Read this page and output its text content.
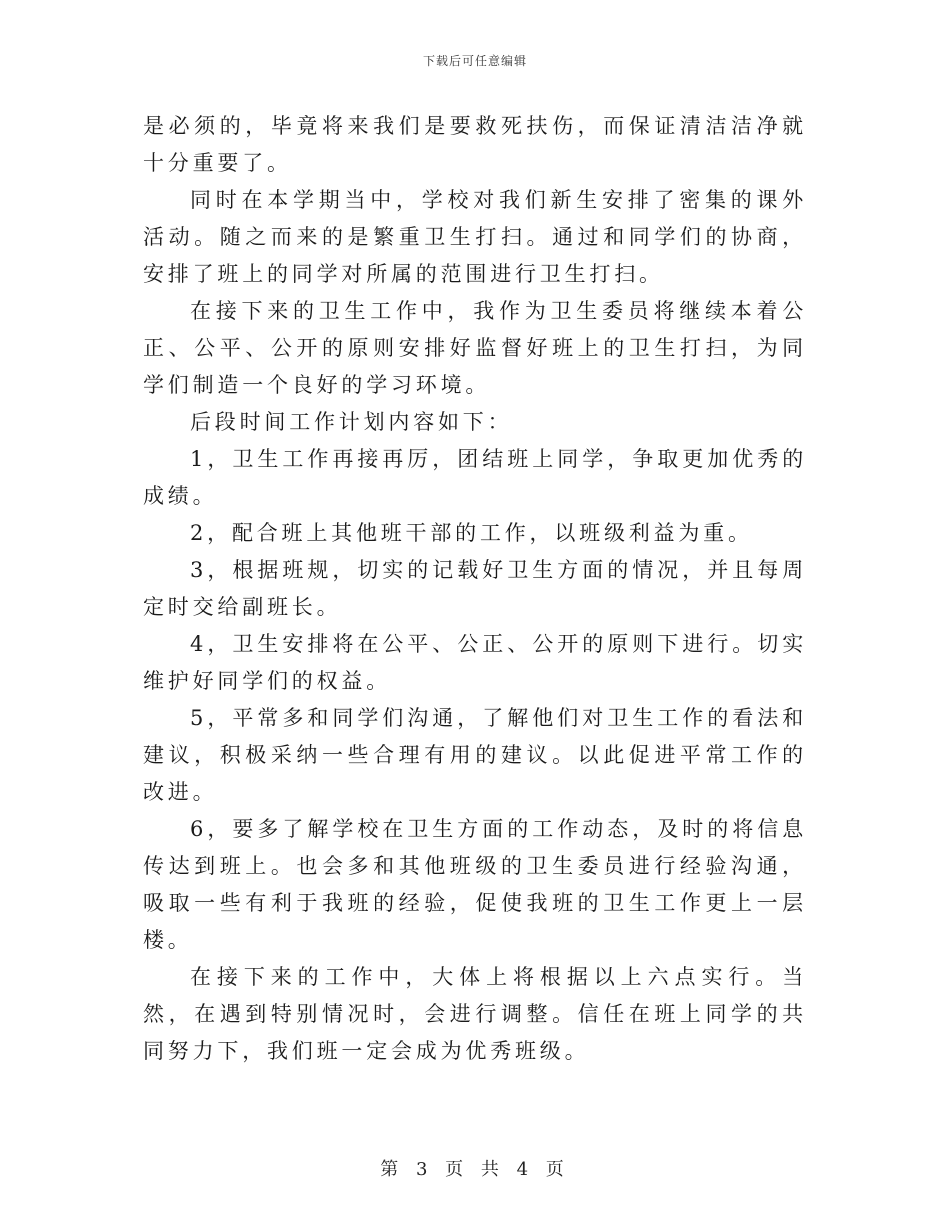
下载后可任意编辑

是必须的，毕竟将来我们是要救死扶伤，而保证清洁洁净就十分重要了。

同时在本学期当中，学校对我们新生安排了密集的课外活动。随之而来的是繁重卫生打扫。通过和同学们的协商，安排了班上的同学对所属的范围进行卫生打扫。

在接下来的卫生工作中，我作为卫生委员将继续本着公正、公平、公开的原则安排好监督好班上的卫生打扫，为同学们制造一个良好的学习环境。

后段时间工作计划内容如下：

1，卫生工作再接再厉，团结班上同学，争取更加优秀的成绩。

2，配合班上其他班干部的工作，以班级利益为重。

3，根据班规，切实的记载好卫生方面的情况，并且每周定时交给副班长。

4，卫生安排将在公平、公正、公开的原则下进行。切实维护好同学们的权益。

5，平常多和同学们沟通，了解他们对卫生工作的看法和建议，积极采纳一些合理有用的建议。以此促进平常工作的改进。

6，要多了解学校在卫生方面的工作动态，及时的将信息传达到班上。也会多和其他班级的卫生委员进行经验沟通，吸取一些有利于我班的经验，促使我班的卫生工作更上一层楼。

在接下来的工作中，大体上将根据以上六点实行。当然，在遇到特别情况时，会进行调整。信任在班上同学的共同努力下，我们班一定会成为优秀班级。

第 3 页 共 4 页
